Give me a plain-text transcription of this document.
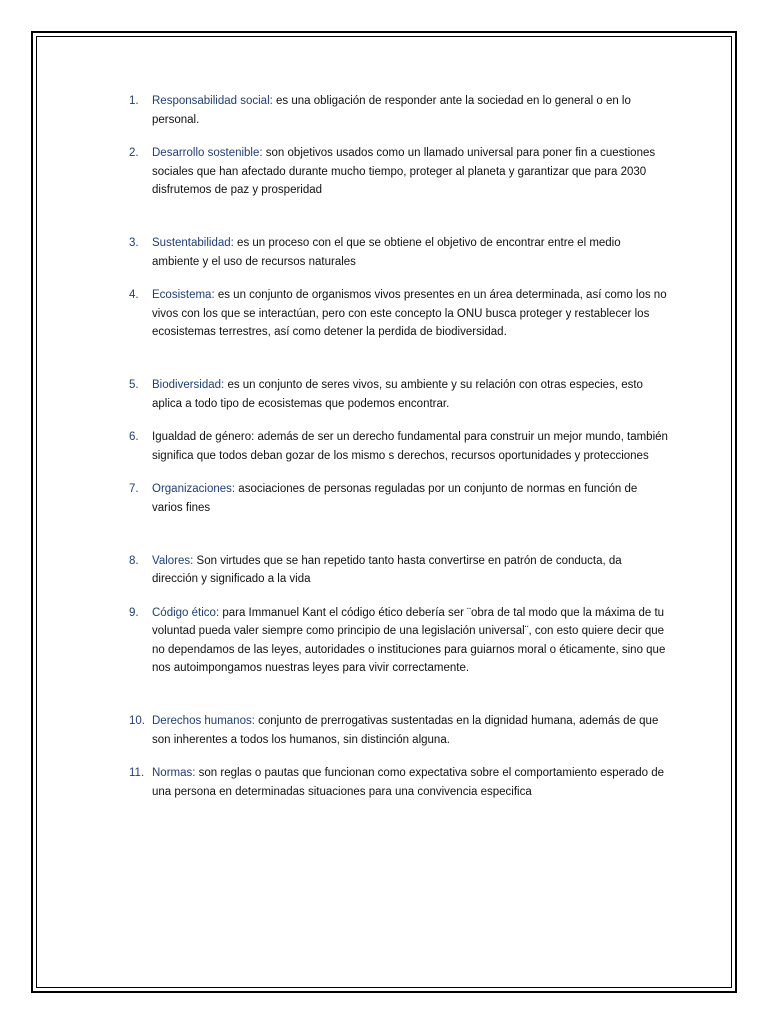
1. Responsabilidad social: es una obligación de responder ante la sociedad en lo general o en lo personal.
2. Desarrollo sostenible: son objetivos usados como un llamado universal para poner fin a cuestiones sociales que han afectado durante mucho tiempo, proteger al planeta y garantizar que para 2030 disfrutemos de paz y prosperidad
3. Sustentabilidad: es un proceso con el que se obtiene el objetivo de encontrar entre el medio ambiente y el uso de recursos naturales
4. Ecosistema: es un conjunto de organismos vivos presentes en un área determinada, así como los no vivos con los que se interactúan, pero con este concepto la ONU busca proteger y restablecer los ecosistemas terrestres, así como detener la perdida de biodiversidad.
5. Biodiversidad: es un conjunto de seres vivos, su ambiente y su relación con otras especies, esto aplica a todo tipo de ecosistemas que podemos encontrar.
6. Igualdad de género: además de ser un derecho fundamental para construir un mejor mundo, también significa que todos deban gozar de los mismo s derechos, recursos oportunidades y protecciones
7. Organizaciones: asociaciones de personas reguladas por un conjunto de normas en función de varios fines
8. Valores: Son virtudes que se han repetido tanto hasta convertirse en patrón de conducta, da dirección y significado a la vida
9. Código ético: para Immanuel Kant el código ético debería ser ¨obra de tal modo que la máxima de tu voluntad pueda valer siempre como principio de una legislación universal¨, con esto quiere decir que no dependamos de las leyes, autoridades o instituciones para guiarnos moral o éticamente, sino que nos autoimpongamos nuestras leyes para vivir correctamente.
10. Derechos humanos: conjunto de prerrogativas sustentadas en la dignidad humana, además de que son inherentes a todos los humanos, sin distinción alguna.
11. Normas: son reglas o pautas que funcionan como expectativa sobre el comportamiento esperado de una persona en determinadas situaciones para una convivencia especifica
